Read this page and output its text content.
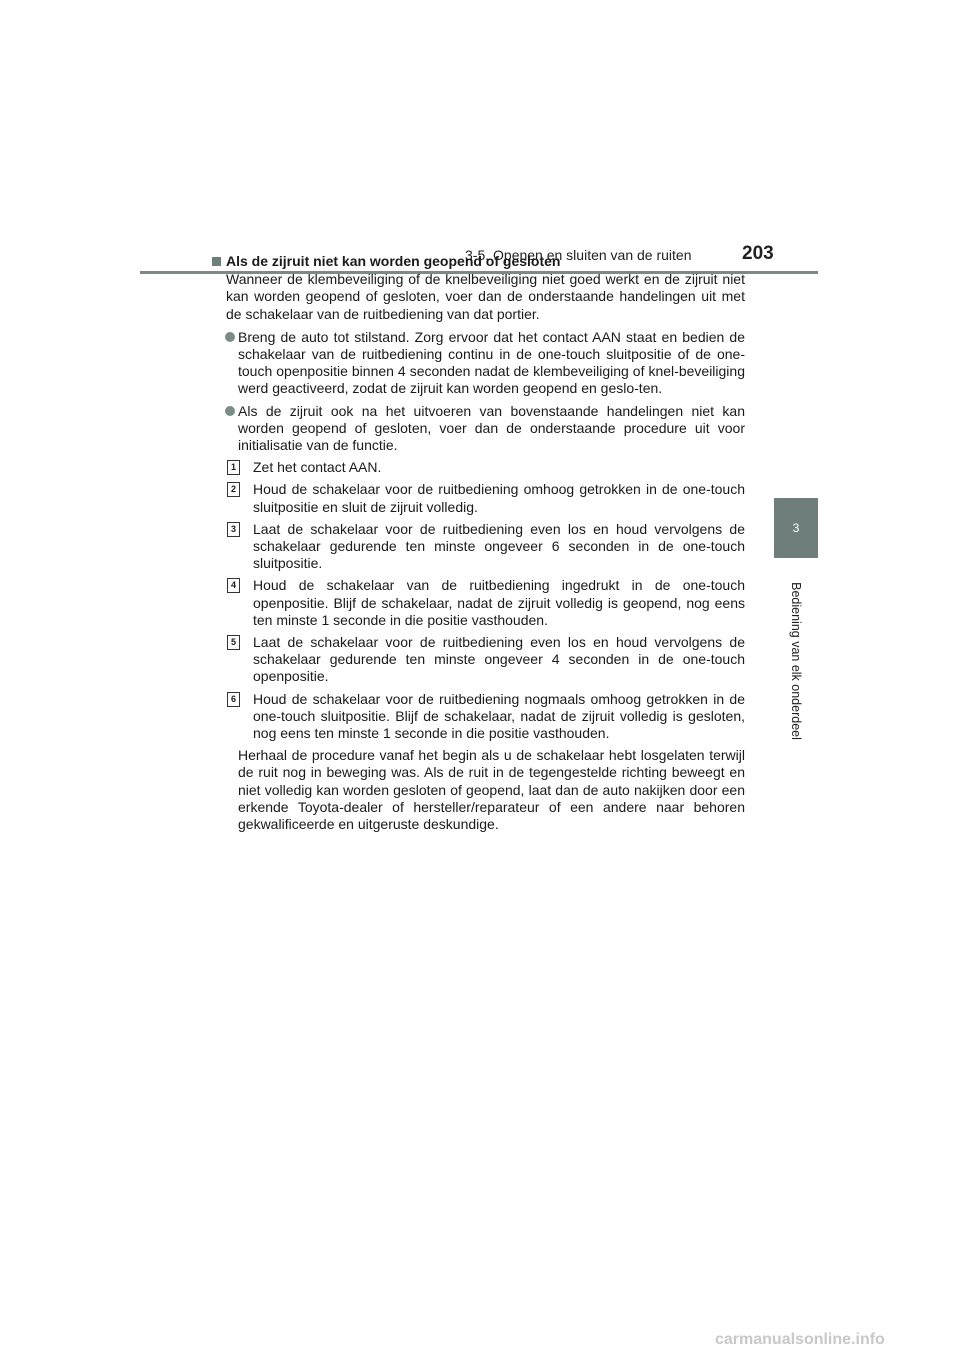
3-5. Openen en sluiten van de ruiten	203
3
Bediening van elk onderdeel
Als de zijruit niet kan worden geopend of gesloten
Wanneer de klembeveiliging of de knelbeveiliging niet goed werkt en de zijruit niet kan worden geopend of gesloten, voer dan de onderstaande handelingen uit met de schakelaar van de ruitbediening van dat portier.
Breng de auto tot stilstand. Zorg ervoor dat het contact AAN staat en bedien de schakelaar van de ruitbediening continu in de one-touch sluitpositie of de one-touch openpositie binnen 4 seconden nadat de klembeveiliging of knel-beveiliging werd geactiveerd, zodat de zijruit kan worden geopend en geslo-ten.
Als de zijruit ook na het uitvoeren van bovenstaande handelingen niet kan worden geopend of gesloten, voer dan de onderstaande procedure uit voor initialisatie van de functie.
1 Zet het contact AAN.
2 Houd de schakelaar voor de ruitbediening omhoog getrokken in de one-touch sluitpositie en sluit de zijruit volledig.
3 Laat de schakelaar voor de ruitbediening even los en houd vervolgens de schakelaar gedurende ten minste ongeveer 6 seconden in de one-touch sluitpositie.
4 Houd de schakelaar van de ruitbediening ingedrukt in de one-touch openpositie. Blijf de schakelaar, nadat de zijruit volledig is geopend, nog eens ten minste 1 seconde in die positie vasthouden.
5 Laat de schakelaar voor de ruitbediening even los en houd vervolgens de schakelaar gedurende ten minste ongeveer 4 seconden in de one-touch openpositie.
6 Houd de schakelaar voor de ruitbediening nogmaals omhoog getrokken in de one-touch sluitpositie. Blijf de schakelaar, nadat de zijruit volledig is gesloten, nog eens ten minste 1 seconde in die positie vasthouden.
Herhaal de procedure vanaf het begin als u de schakelaar hebt losgelaten terwijl de ruit nog in beweging was. Als de ruit in de tegengestelde richting beweegt en niet volledig kan worden gesloten of geopend, laat dan de auto nakijken door een erkende Toyota-dealer of hersteller/reparateur of een andere naar behoren gekwalificeerde en uitgeruste deskundige.
carmanualsonline.info
